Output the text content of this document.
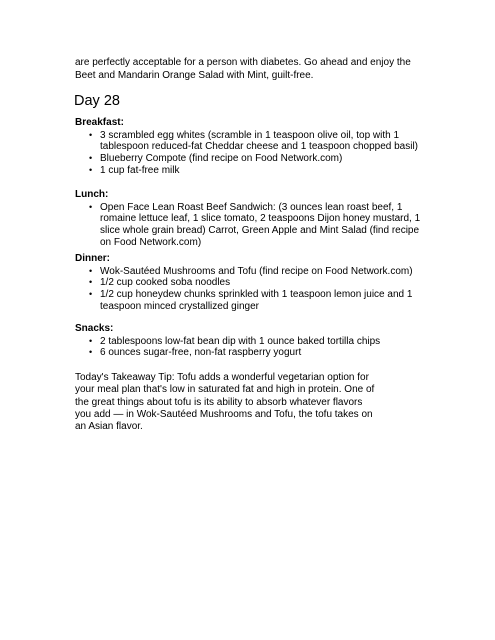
are perfectly acceptable for a person with diabetes. Go ahead and enjoy the Beet and Mandarin Orange Salad with Mint, guilt-free.

Day 28

Breakfast:

• 3 scrambled egg whites (scramble in 1 teaspoon olive oil, top with 1 tablespoon reduced-fat Cheddar cheese and 1 teaspoon chopped basil)
• Blueberry Compote (find recipe on Food Network.com)
• 1 cup fat-free milk

Lunch:

• Open Face Lean Roast Beef Sandwich: (3 ounces lean roast beef, 1 romaine lettuce leaf, 1 slice tomato, 2 teaspoons Dijon honey mustard, 1 slice whole grain bread) Carrot, Green Apple and Mint Salad (find recipe on Food Network.com)

Dinner:

• Wok-Sautéed Mushrooms and Tofu (find recipe on Food Network.com)
• 1/2 cup cooked soba noodles
• 1/2 cup honeydew chunks sprinkled with 1 teaspoon lemon juice and 1 teaspoon minced crystallized ginger

Snacks:

• 2 tablespoons low-fat bean dip with 1 ounce baked tortilla chips
• 6 ounces sugar-free, non-fat raspberry yogurt

Today's Takeaway Tip: Tofu adds a wonderful vegetarian option for your meal plan that's low in saturated fat and high in protein. One of the great things about tofu is its ability to absorb whatever flavors you add — in Wok-Sautéed Mushrooms and Tofu, the tofu takes on an Asian flavor.
